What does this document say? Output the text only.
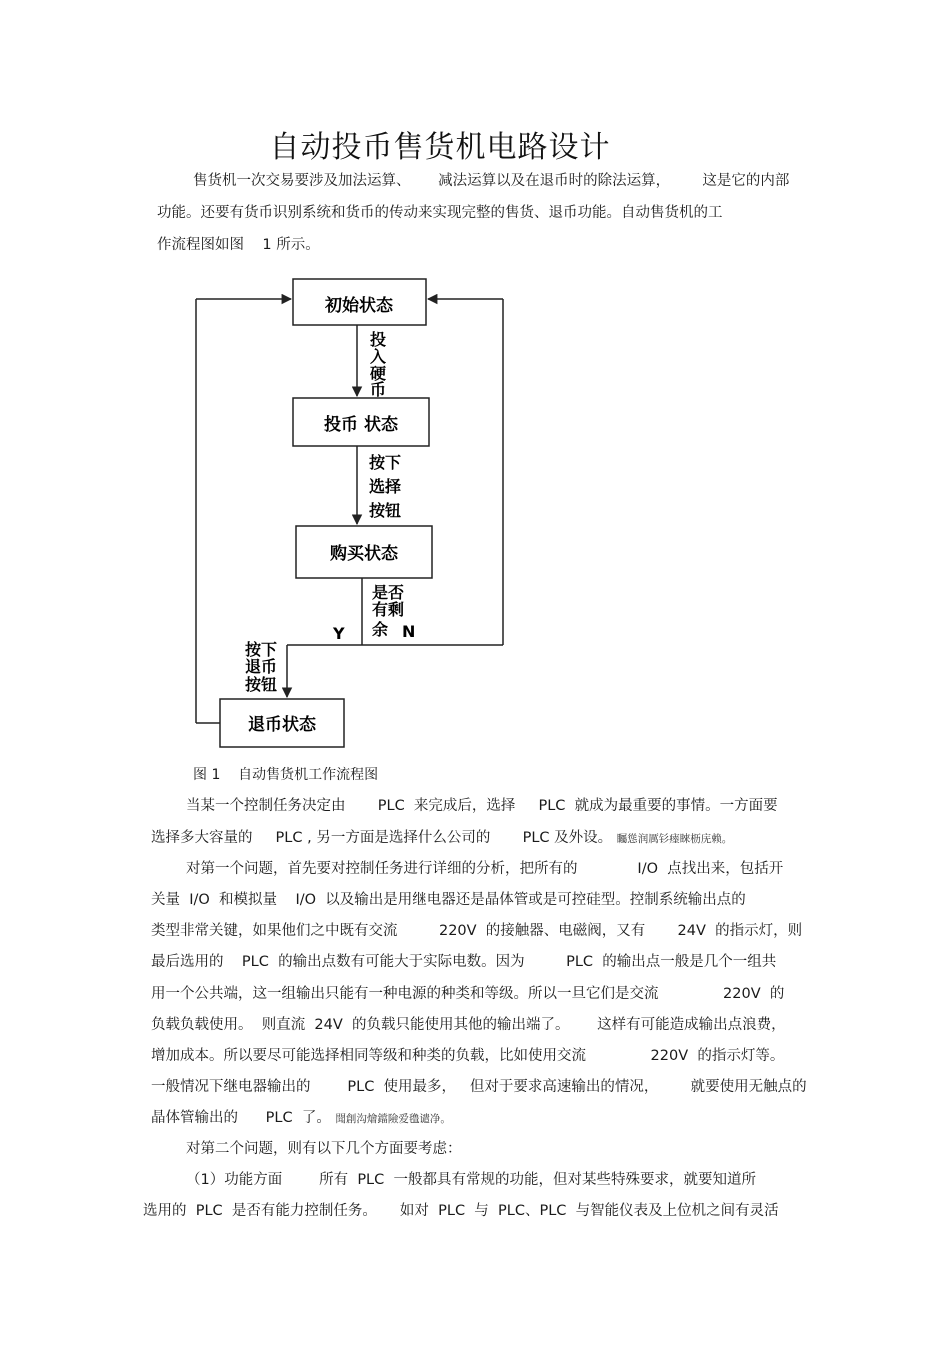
自动投币售货机电路设计
售货机一次交易要涉及加法运算、      减法运算以及在退币时的除法运算，       这是它的内部
功能。还要有货币识别系统和货币的传动来实现完整的售货、退币功能。自动售货机的工
作流程图如图    1 所示。
初始状态
投币 状态
购买状态
退币状态
投
入
硬
币
按下
选择
按钮
是否
有剩
余
Y	N
按下
退币
按钮
图 1    自动售货机工作流程图
当某一个控制任务决定由       PLC  来完成后，选择     PLC  就成为最重要的事情。一方面要
选择多大容量的     PLC , 另一方面是选择什么公司的       PLC 及外设。 矚慫润厲钐瘗睞枥庑赖。
对第一个问题，首先要对控制任务进行详细的分析，把所有的             I/O  点找出来，包括开
关量  I/O  和模拟量    I/O  以及输出是用继电器还是晶体管或是可控硅型。控制系统输出点的
类型非常关键，如果他们之中既有交流         220V  的接触器、电磁阀，又有       24V  的指示灯，则
最后选用的    PLC  的输出点数有可能大于实际电数。因为         PLC  的输出点一般是几个一组共
用一个公共端，这一组输出只能有一种电源的种类和等级。所以一旦它们是交流              220V  的
负载负载使用。  则直流  24V  的负载只能使用其他的输出端了。      这样有可能造成输出点浪费，
增加成本。所以要尽可能选择相同等级和种类的负载，比如使用交流              220V  的指示灯等。
一般情况下继电器输出的        PLC  使用最多，   但对于要求高速输出的情况，       就要使用无触点的
晶体管输出的      PLC  了。 聞創沟燴鐺險爱氇谴净。
对第二个问题，则有以下几个方面要考虑：
（1）功能方面        所有  PLC  一般都具有常规的功能，但对某些特殊要求，就要知道所
选用的  PLC  是否有能力控制任务。     如对  PLC  与  PLC、PLC  与智能仪表及上位机之间有灵活
